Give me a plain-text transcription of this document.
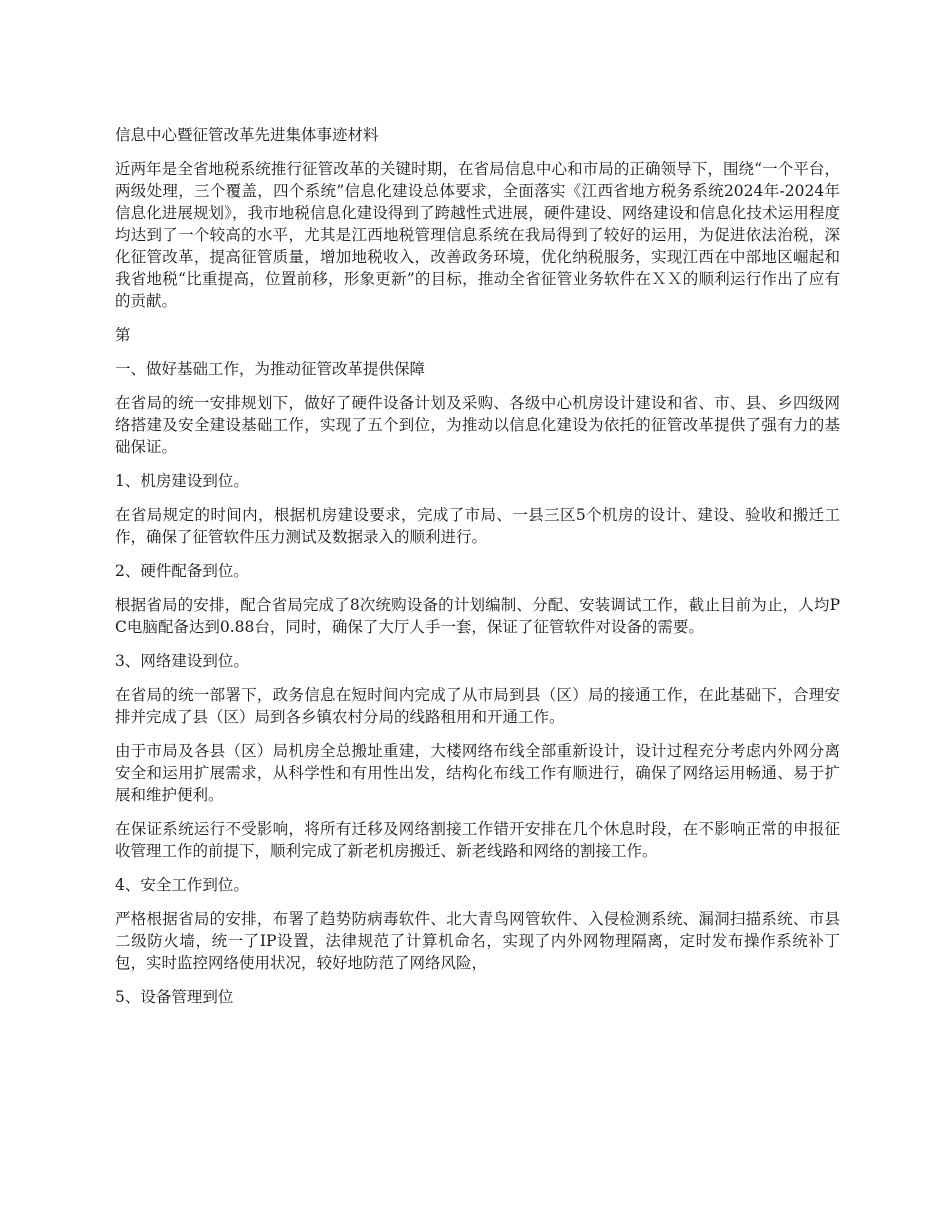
信息中心暨征管改革先进集体事迹材料

近两年是全省地税系统推行征管改革的关键时期，在省局信息中心和市局的正确领导下，围绕“一个平台，两级处理，三个覆盖，四个系统”信息化建设总体要求，全面落实《江西省地方税务系统2024年-2024年信息化进展规划》，我市地税信息化建设得到了跨越性式进展，硬件建设、网络建设和信息化技术运用程度均达到了一个较高的水平，尤其是江西地税管理信息系统在我局得到了较好的运用，为促进依法治税，深化征管改革，提高征管质量，增加地税收入，改善政务环境，优化纳税服务，实现江西在中部地区崛起和我省地税“比重提高，位置前移，形象更新”的目标，推动全省征管业务软件在ＸＸ的顺利运行作出了应有的贡献。

第

一、做好基础工作，为推动征管改革提供保障

在省局的统一安排规划下，做好了硬件设备计划及采购、各级中心机房设计建设和省、市、县、乡四级网络搭建及安全建设基础工作，实现了五个到位，为推动以信息化建设为依托的征管改革提供了强有力的基础保证。

1、机房建设到位。

在省局规定的时间内，根据机房建设要求，完成了市局、一县三区5个机房的设计、建设、验收和搬迁工作，确保了征管软件压力测试及数据录入的顺利进行。

2、硬件配备到位。

根据省局的安排，配合省局完成了8次统购设备的计划编制、分配、安装调试工作，截止目前为止，人均PC电脑配备达到0.88台，同时，确保了大厅人手一套，保证了征管软件对设备的需要。

3、网络建设到位。

在省局的统一部署下，政务信息在短时间内完成了从市局到县（区）局的接通工作，在此基础下，合理安排并完成了县（区）局到各乡镇农村分局的线路租用和开通工作。

由于市局及各县（区）局机房全总搬址重建，大楼网络布线全部重新设计，设计过程充分考虑内外网分离安全和运用扩展需求，从科学性和有用性出发，结构化布线工作有顺进行，确保了网络运用畅通、易于扩展和维护便利。

在保证系统运行不受影响，将所有迁移及网络割接工作错开安排在几个休息时段，在不影响正常的申报征收管理工作的前提下，顺利完成了新老机房搬迁、新老线路和网络的割接工作。

4、安全工作到位。

严格根据省局的安排，布署了趋势防病毒软件、北大青鸟网管软件、入侵检测系统、漏洞扫描系统、市县二级防火墙，统一了IP设置，法律规范了计算机命名，实现了内外网物理隔离，定时发布操作系统补丁包，实时监控网络使用状况，较好地防范了网络风险，

5、设备管理到位
